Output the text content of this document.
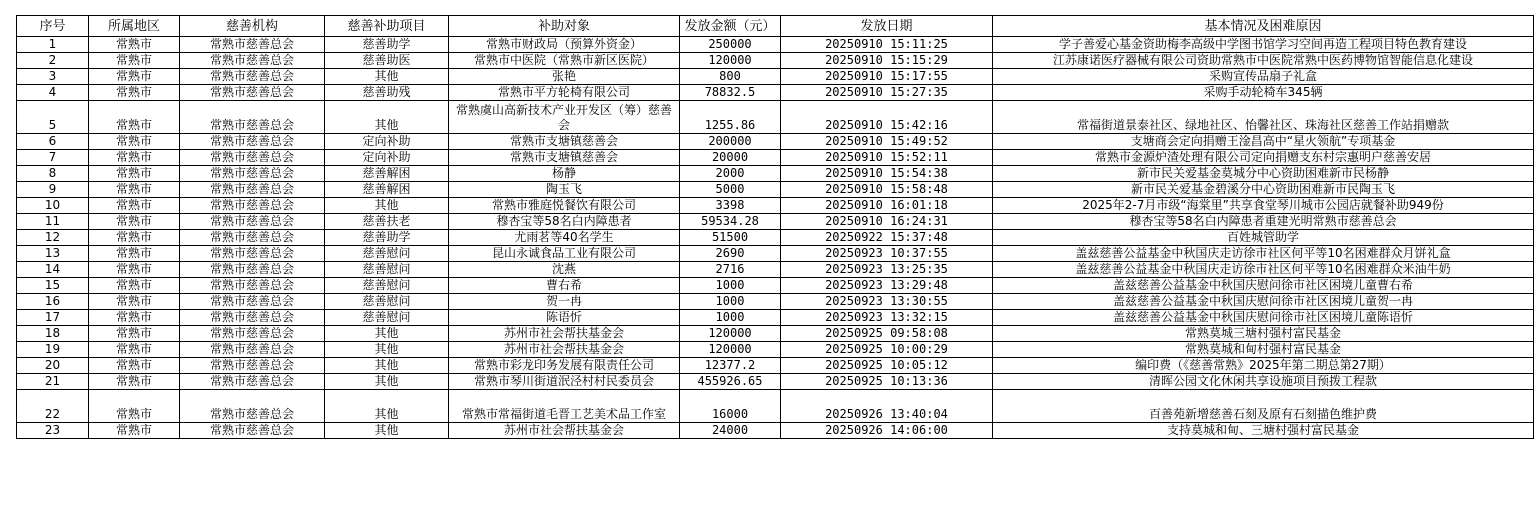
序号	所属地区	慈善机构	慈善补助项目	补助对象	发放金额（元）	发放日期	基本情况及困难原因
1	常熟市	常熟市慈善总会	慈善助学	常熟市财政局（预算外资金）	250000	20250910 15:11:25	学子善爱心基金资助梅李高级中学图书馆学习空间再造工程项目特色教育建设
2	常熟市	常熟市慈善总会	慈善助医	常熟市中医院（常熟市新区医院）	120000	20250910 15:15:29	江苏康诺医疗器械有限公司资助常熟市中医院常熟中医药博物馆智能信息化建设
3	常熟市	常熟市慈善总会	其他	张艳	800	20250910 15:17:55	采购宣传品扇子礼盒
4	常熟市	常熟市慈善总会	慈善助残	常熟市平方轮椅有限公司	78832.5	20250910 15:27:35	采购手动轮椅车345辆
5	常熟市	常熟市慈善总会	其他	常熟虞山高新技术产业开发区（筹）慈善会	1255.86	20250910 15:42:16	常福街道景泰社区、绿地社区、怡馨社区、珠海社区慈善工作站捐赠款
6	常熟市	常熟市慈善总会	定向补助	常熟市支塘镇慈善会	200000	20250910 15:49:52	支塘商会定向捐赠王淦昌高中“星火领航”专项基金
7	常熟市	常熟市慈善总会	定向补助	常熟市支塘镇慈善会	20000	20250910 15:52:11	常熟市金源炉渣处理有限公司定向捐赠支东村宗惠明户慈善安居
8	常熟市	常熟市慈善总会	慈善解困	杨静	2000	20250910 15:54:38	新市民关爱基金莫城分中心资助困难新市民杨静
9	常熟市	常熟市慈善总会	慈善解困	陶玉飞	5000	20250910 15:58:48	新市民关爱基金碧溪分中心资助困难新市民陶玉飞
10	常熟市	常熟市慈善总会	其他	常熟市雅庭悦餐饮有限公司	3398	20250910 16:01:18	2025年2-7月市级“海棠里”共享食堂琴川城市公园店就餐补助949份
11	常熟市	常熟市慈善总会	慈善扶老	穆杏宝等58名白内障患者	59534.28	20250910 16:24:31	穆杏宝等58名白内障患者重建光明常熟市慈善总会
12	常熟市	常熟市慈善总会	慈善助学	尤雨茗等40名学生	51500	20250922 15:37:48	百姓城管助学
13	常熟市	常熟市慈善总会	慈善慰问	昆山永诚食品工业有限公司	2690	20250923 10:37:55	盖兹慈善公益基金中秋国庆走访徐市社区何平等10名困难群众月饼礼盒
14	常熟市	常熟市慈善总会	慈善慰问	沈燕	2716	20250923 13:25:35	盖兹慈善公益基金中秋国庆走访徐市社区何平等10名困难群众米油牛奶
15	常熟市	常熟市慈善总会	慈善慰问	曹右希	1000	20250923 13:29:48	盖兹慈善公益基金中秋国庆慰问徐市社区困境儿童曹右希
16	常熟市	常熟市慈善总会	慈善慰问	贺一冉	1000	20250923 13:30:55	盖兹慈善公益基金中秋国庆慰问徐市社区困境儿童贺一冉
17	常熟市	常熟市慈善总会	慈善慰问	陈语忻	1000	20250923 13:32:15	盖兹慈善公益基金中秋国庆慰问徐市社区困境儿童陈语忻
18	常熟市	常熟市慈善总会	其他	苏州市社会帮扶基金会	120000	20250925 09:58:08	常熟莫城三塘村强村富民基金
19	常熟市	常熟市慈善总会	其他	苏州市社会帮扶基金会	120000	20250925 10:00:29	常熟莫城和甸村强村富民基金
20	常熟市	常熟市慈善总会	其他	常熟市彩龙印务发展有限责任公司	12377.2	20250925 10:05:12	编印费（《慈善常熟》2025年第二期总第27期）
21	常熟市	常熟市慈善总会	其他	常熟市琴川街道泯泾村村民委员会	455926.65	20250925 10:13:36	清晖公园文化休闲共享设施项目预拨工程款
22	常熟市	常熟市慈善总会	其他	常熟市常福街道毛晋工艺美术品工作室	16000	20250926 13:40:04	百善苑新增慈善石刻及原有石刻描色维护费
23	常熟市	常熟市慈善总会	其他	苏州市社会帮扶基金会	24000	20250926 14:06:00	支持莫城和甸、三塘村强村富民基金
